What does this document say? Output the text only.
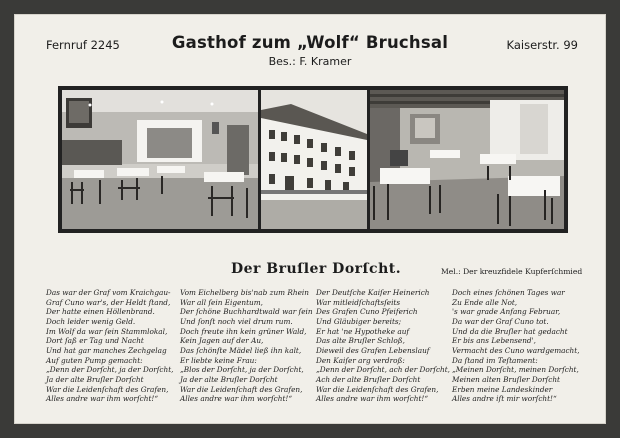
Fernruf 2245	Gasthof zum „Wolf“ Bruchsal	Kaiserstr. 99
Bes.: F. Kramer
Der Bruſler Dorſcht.	Mel.: Der kreuzfidele Kupferſchmied
Das war der Graf vom Kraichgau-
Graf Cuno war's, der Heldt ſtand,
Der hatte einen Höllenbrand.
Doch leider wenig Geld.
Im Wolf da war ſein Stammlokal,
Dort ſaß er Tag und Nacht
Und hat gar manches Zechgelag
Auf guten Pump gemacht:
„Denn der Dorſcht, ja der Dorſcht,
Ja der alte Bruſler Dorſcht
War die Leidenſchaft des Grafen,
Alles andre war ihm worſcht!“
Vom Eichelberg bis'nab zum Rhein
War all ſein Eigentum,
Der ſchöne Buchhardtwald war ſein
Und ſonſt noch viel drum rum.
Doch freute ihn kein grüner Wald,
Kein Jagen auf der Au,
Das ſchönſte Mädel ließ ihn kalt,
Er liebte keine Frau:
„Blos der Dorſcht, ja der Dorſcht,
Ja der alte Bruſler Dorſcht
War die Leidenſchaft des Grafen,
Alles andre war ihm worſcht!“
Der Deutſche Kaiſer Heinerich
War mitleidſchaftsſeits
Des Grafen Cuno Pfeiferich
Und Gläubiger bereits;
Er hat 'ne Hypotheke auf
Das alte Bruſler Schloß,
Dieweil des Grafen Lebenslauf
Den Kaiſer arg verdroß:
„Denn der Dorſcht, ach der Dorſcht,
Ach der alte Bruſler Dorſcht
War die Leidenſchaft des Grafen,
Alles andre war ihm worſcht!“
Doch eines ſchönen Tages war
Zu Ende alle Not,
's war grade Anfang Februar,
Da war der Graf Cuno tot.
Und da die Bruſler hat gedacht
Er bis ans Lebensend',
Vermacht des Cuno wardgemacht,
Da ſtand im Teſtament:
„Meinen Dorſcht, meinen Dorſcht,
Meinen alten Bruſler Dorſcht
Erben meine Landeskinder
Alles andre iſt mir worſcht!“
